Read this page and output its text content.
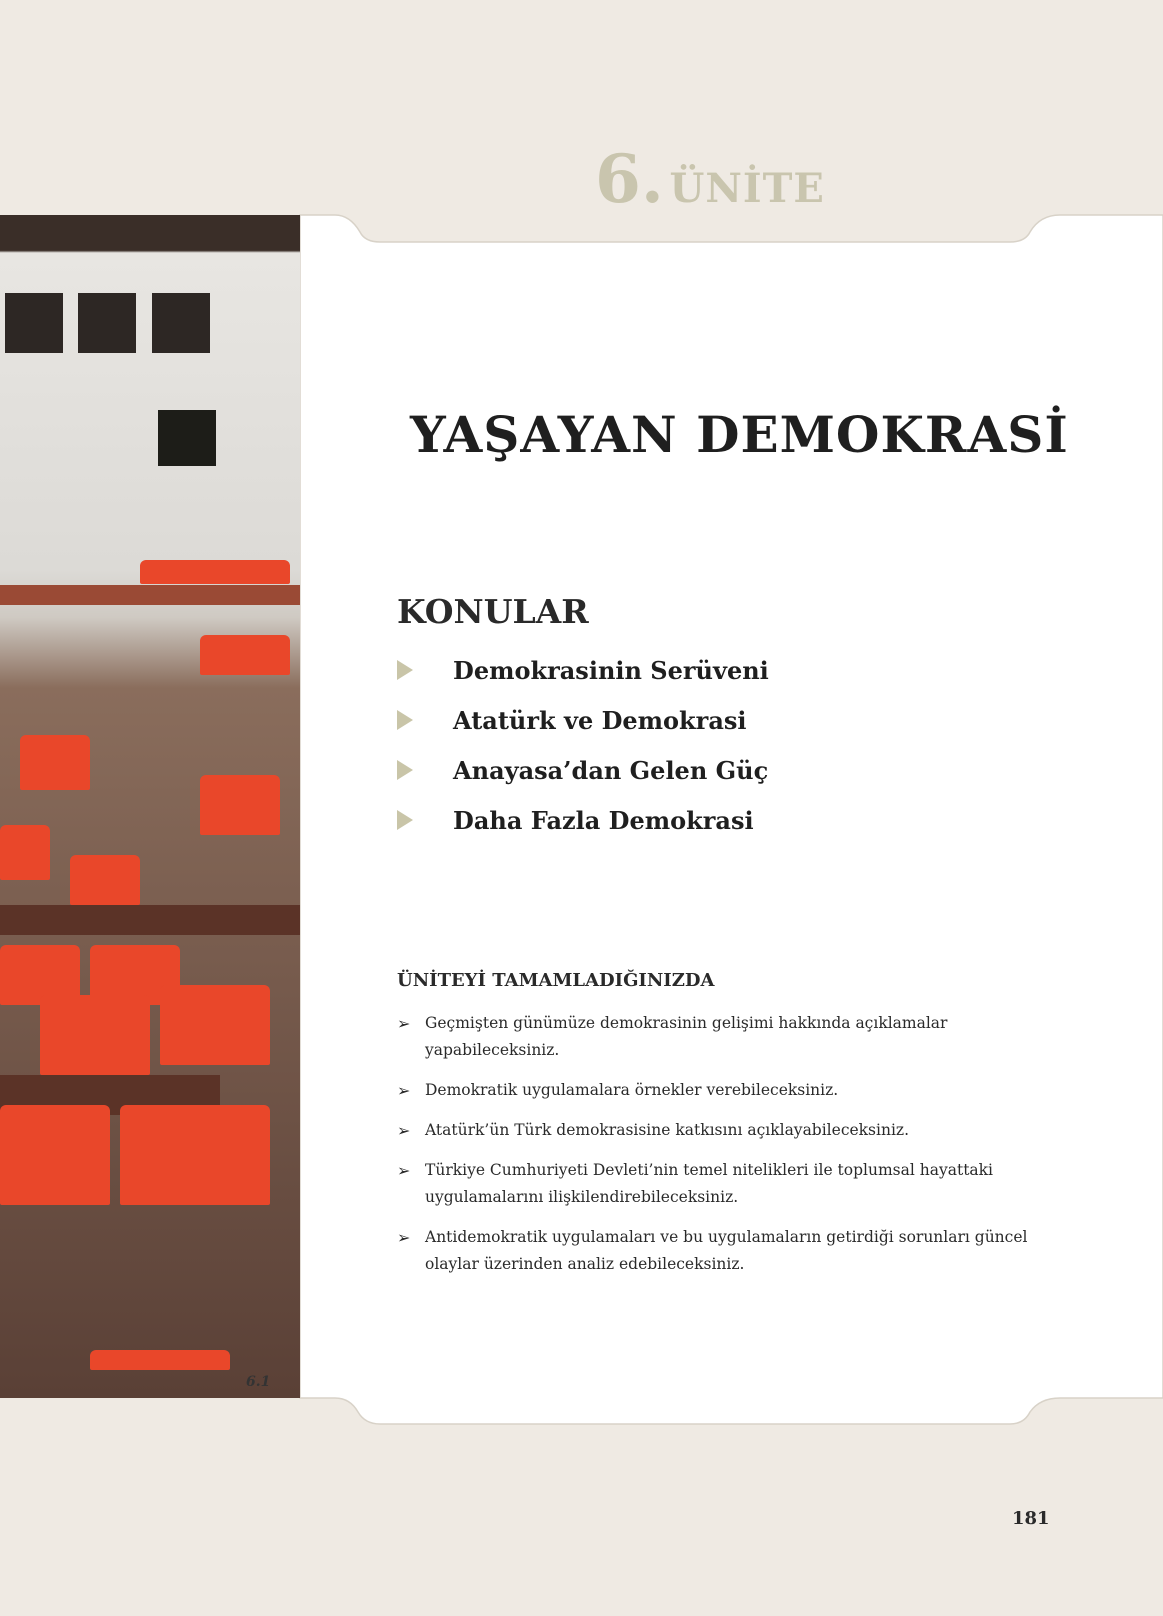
6. ÜNİTE
6.1
YAŞAYAN DEMOKRASİ
KONULAR
Demokrasinin Serüveni
Atatürk ve Demokrasi
Anayasa’dan Gelen Güç
Daha Fazla Demokrasi
ÜNİTEYİ TAMAMLADIĞINIZDA
➢ Geçmişten günümüze demokrasinin gelişimi hakkında açıklamalar yapabileceksiniz.
➢ Demokratik uygulamalara örnekler verebileceksiniz.
➢ Atatürk’ün Türk demokrasisine katkısını açıklayabileceksiniz.
➢ Türkiye Cumhuriyeti Devleti’nin temel nitelikleri ile toplumsal hayattaki uygulamalarını ilişkilendirebileceksiniz.
➢ Antidemokratik uygulamaları ve bu uygulamaların getirdiği sorunları güncel olaylar üzerinden analiz edebileceksiniz.
181
